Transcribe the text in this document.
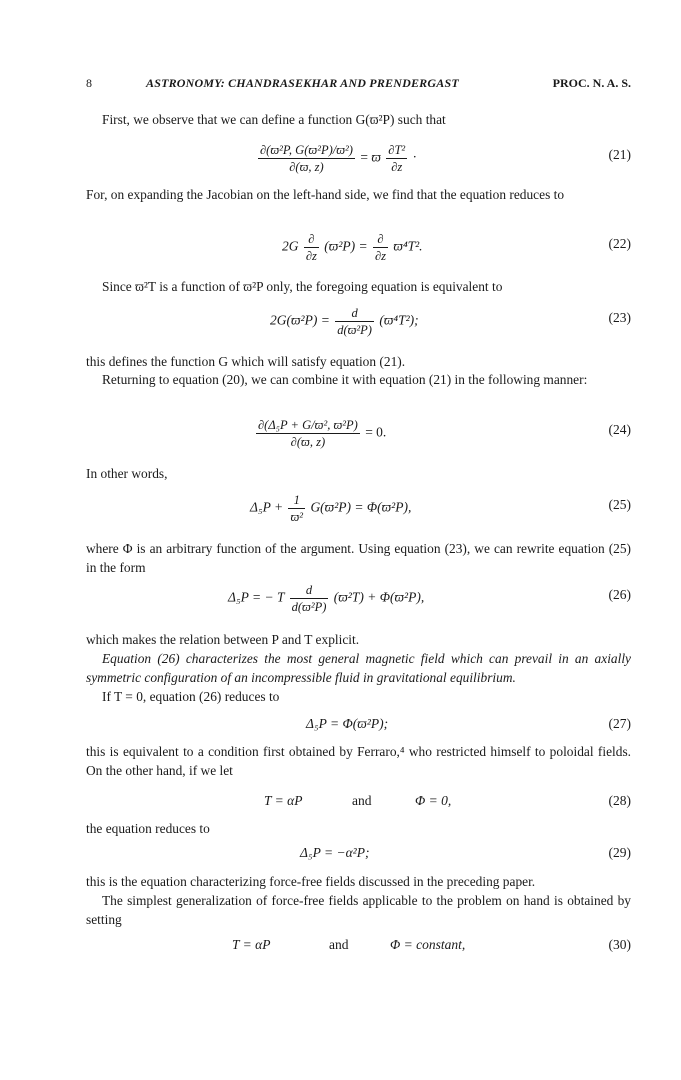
8	ASTRONOMY: CHANDRASEKHAR AND PRENDERGAST	PROC. N. A. S.
First, we observe that we can define a function G(ϖ²P) such that
$\frac{\text{∂(ϖ²P, G(ϖ²P)/ϖ²)}}{\partial(ϖ, z)} = ϖ \frac{\text{∂T²}}{\partial z}$ ·	(21)
For, on expanding the Jacobian on the left-hand side, we find that the equation reduces to
$2G \frac{\partial}{\partial z} (ϖ^2P) = \frac{\partial}{\partial z} ϖ^4T^2$.	(22)
Since ϖ²T is a function of ϖ²P only, the foregoing equation is equivalent to
$2G(ϖ^2P) = \frac{d}{\text{d(ϖ²P)}} (ϖ^4T^2)$;	(23)
this defines the function G which will satisfy equation (21).
Returning to equation (20), we can combine it with equation (21) in the following manner:
$\frac{\text{∂(Δ₅P + G/ϖ², ϖ²P)}}{\partial(ϖ, z)} = 0$.	(24)
In other words,
$\Delta_5P + \frac{1}{\text{ϖ²}} G(ϖ^2P) = \Phi(ϖ^2P)$,	(25)
where Φ is an arbitrary function of the argument. Using equation (23), we can rewrite equation (25) in the form
Δ₅P = − T $\frac{d}{\text{d(ϖ²P)}} (ϖ^2T) + \Phi(ϖ^2P)$,	(26)
which makes the relation between P and T explicit.
Equation (26) characterizes the most general magnetic field which can prevail in an axially symmetric configuration of an incompressible fluid in gravitational equilibrium.
If T = 0, equation (26) reduces to
Δ₅P = Φ(ϖ²P);	(27)
this is equivalent to a condition first obtained by Ferraro,⁴ who restricted himself to poloidal fields. On the other hand, if we let
T = αP	and	Φ = 0,	(28)
the equation reduces to
Δ₅P = −α²P;	(29)
this is the equation characterizing force-free fields discussed in the preceding paper.
The simplest generalization of force-free fields applicable to the problem on hand is obtained by setting
T = αP	and	Φ = constant,	(30)
